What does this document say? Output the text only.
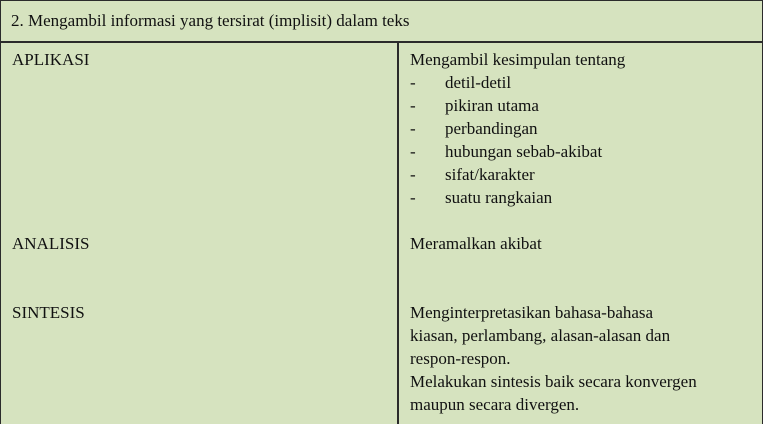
2. Mengambil informasi yang tersirat (implisit) dalam teks
APLIKASI	Mengambil kesimpulan tentang
- detil-detil
- pikiran utama
- perbandingan
- hubungan sebab-akibat
- sifat/karakter
- suatu rangkaian
ANALISIS	Meramalkan akibat
SINTESIS	Menginterpretasikan bahasa-bahasa
kiasan, perlambang, alasan-alasan dan
respon-respon.
Melakukan sintesis baik secara konvergen
maupun secara divergen.
